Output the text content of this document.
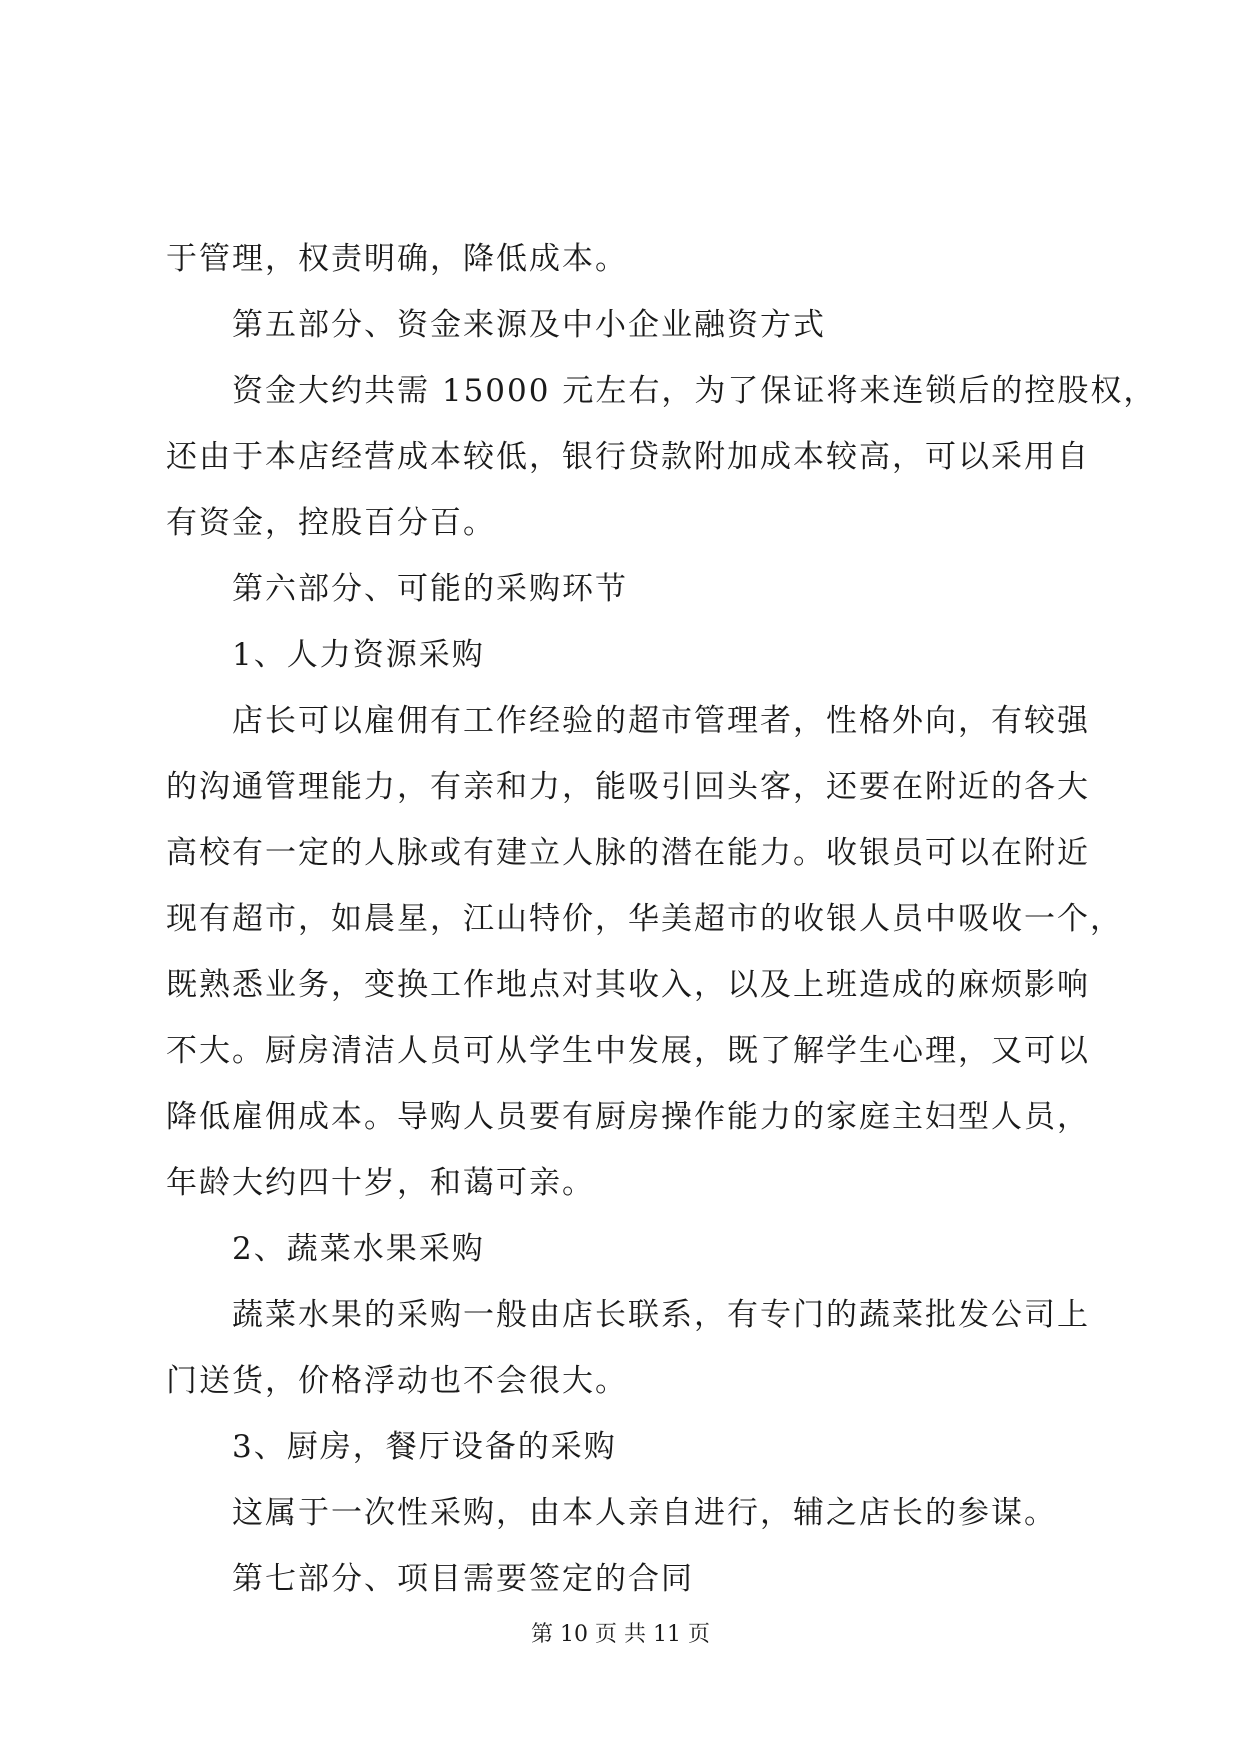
于管理，权责明确，降低成本。
第五部分、资金来源及中小企业融资方式
资金大约共需 15000 元左右，为了保证将来连锁后的控股权，
还由于本店经营成本较低，银行贷款附加成本较高，可以采用自
有资金，控股百分百。
第六部分、可能的采购环节
1、人力资源采购
店长可以雇佣有工作经验的超市管理者，性格外向，有较强
的沟通管理能力，有亲和力，能吸引回头客，还要在附近的各大
高校有一定的人脉或有建立人脉的潜在能力。收银员可以在附近
现有超市，如晨星，江山特价，华美超市的收银人员中吸收一个，
既熟悉业务，变换工作地点对其收入，以及上班造成的麻烦影响
不大。厨房清洁人员可从学生中发展，既了解学生心理，又可以
降低雇佣成本。导购人员要有厨房操作能力的家庭主妇型人员，
年龄大约四十岁，和蔼可亲。
2、蔬菜水果采购
蔬菜水果的采购一般由店长联系，有专门的蔬菜批发公司上
门送货，价格浮动也不会很大。
3、厨房，餐厅设备的采购
这属于一次性采购，由本人亲自进行，辅之店长的参谋。
第七部分、项目需要签定的合同
第 10 页 共 11 页
